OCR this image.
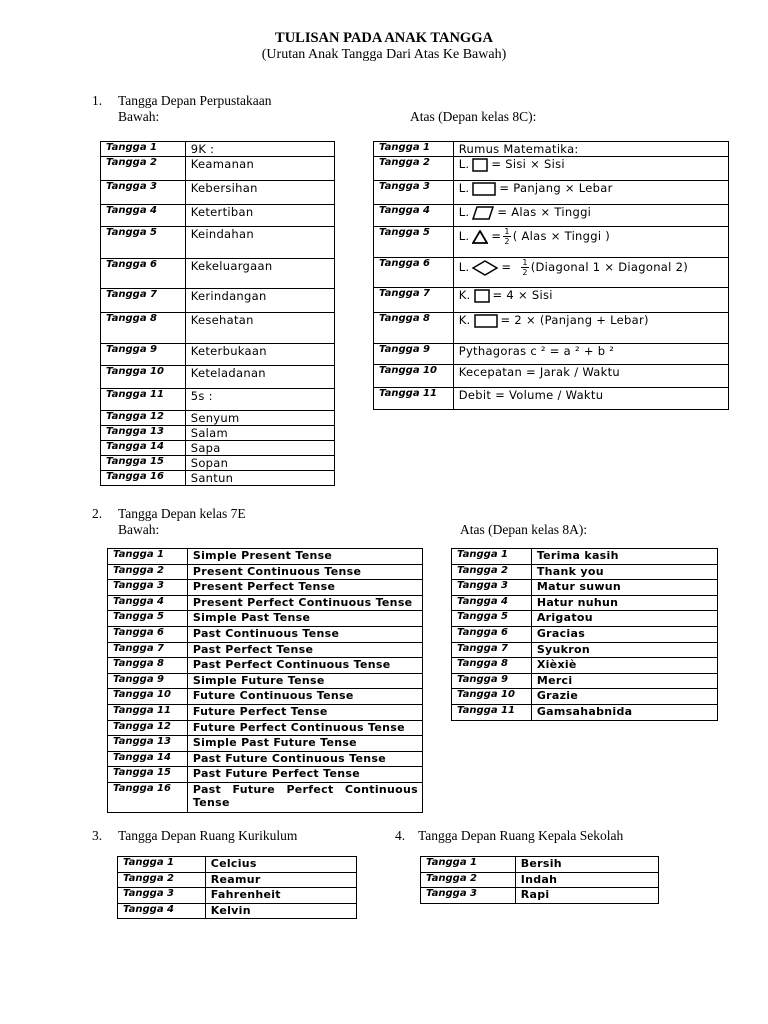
TULISAN PADA ANAK TANGGA
(Urutan Anak Tangga Dari Atas Ke Bawah)
1. Tangga Depan Perpustakaan
Bawah:	Atas (Depan kelas 8C):
Tangga 1	9K :
Tangga 2	Keamanan
Tangga 3	Kebersihan
Tangga 4	Ketertiban
Tangga 5	Keindahan
Tangga 6	Kekeluargaan
Tangga 7	Kerindangan
Tangga 8	Kesehatan
Tangga 9	Keterbukaan
Tangga 10	Keteladanan
Tangga 11	5s :
Tangga 12	Senyum
Tangga 13	Salam
Tangga 14	Sapa
Tangga 15	Sopan
Tangga 16	Santun
Tangga 1	Rumus Matematika:
Tangga 2	L. = Sisi × Sisi
Tangga 3	L. = Panjang × Lebar
Tangga 4	L. = Alas × Tinggi
Tangga 5	L. = $\frac{1}{2}$ ( Alas × Tinggi )
Tangga 6	L. = $\frac{1}{2}$ (Diagonal 1 × Diagonal 2)
Tangga 7	K. = 4 × Sisi
Tangga 8	K. = 2 × (Panjang + Lebar)
Tangga 9	Pythagoras c ² = a ² + b ²
Tangga 10	Kecepatan = Jarak / Waktu
Tangga 11	Debit = Volume / Waktu
2. Tangga Depan kelas 7E
Bawah:	Atas (Depan kelas 8A):
Tangga 1	Simple Present Tense
Tangga 2	Present Continuous Tense
Tangga 3	Present Perfect Tense
Tangga 4	Present Perfect Continuous Tense
Tangga 5	Simple Past Tense
Tangga 6	Past Continuous Tense
Tangga 7	Past Perfect Tense
Tangga 8	Past Perfect Continuous Tense
Tangga 9	Simple Future Tense
Tangga 10	Future Continuous Tense
Tangga 11	Future Perfect Tense
Tangga 12	Future Perfect Continuous Tense
Tangga 13	Simple Past Future Tense
Tangga 14	Past Future Continuous Tense
Tangga 15	Past Future Perfect Tense
Tangga 16	Past Future Perfect Continuous Tense
Tangga 1	Terima kasih
Tangga 2	Thank you
Tangga 3	Matur suwun
Tangga 4	Hatur nuhun
Tangga 5	Arigatou
Tangga 6	Gracias
Tangga 7	Syukron
Tangga 8	Xièxiè
Tangga 9	Merci
Tangga 10	Grazie
Tangga 11	Gamsahabnida
3. Tangga Depan Ruang Kurikulum
Tangga 1	Celcius
Tangga 2	Reamur
Tangga 3	Fahrenheit
Tangga 4	Kelvin
4. Tangga Depan Ruang Kepala Sekolah
Tangga 1	Bersih
Tangga 2	Indah
Tangga 3	Rapi
